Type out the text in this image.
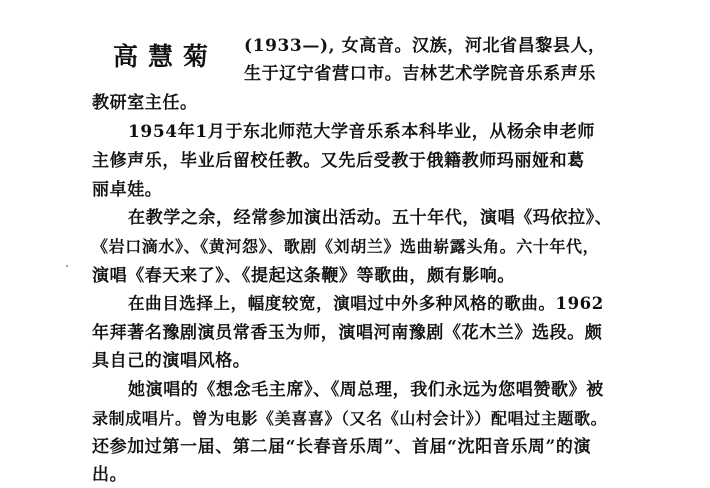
高慧菊 (1933—), 女高音。汉族，河北省昌黎县人，
生于辽宁省营口市。吉林艺术学院音乐系声乐
教研室主任。
1954年1月于东北师范大学音乐系本科毕业，从杨余申老师
主修声乐，毕业后留校任教。又先后受教于俄籍教师玛丽娅和葛
丽卓娃。
在教学之余，经常参加演出活动。五十年代，演唱《玛依拉》、
《岩口滴水》、《黄河怨》、歌剧《刘胡兰》选曲崭露头角。六十年代，
演唱《春天来了》、《提起这条鞭》等歌曲，颇有影响。
在曲目选择上，幅度较宽，演唱过中外多种风格的歌曲。1962
年拜著名豫剧演员常香玉为师，演唱河南豫剧《花木兰》选段。颇
具自己的演唱风格。
她演唱的《想念毛主席》、《周总理，我们永远为您唱赞歌》被
录制成唱片。曾为电影《美喜喜》（又名《山村会计》）配唱过主题歌。
还参加过第一届、第二届“长春音乐周”、首届“沈阳音乐周”的演
出。
